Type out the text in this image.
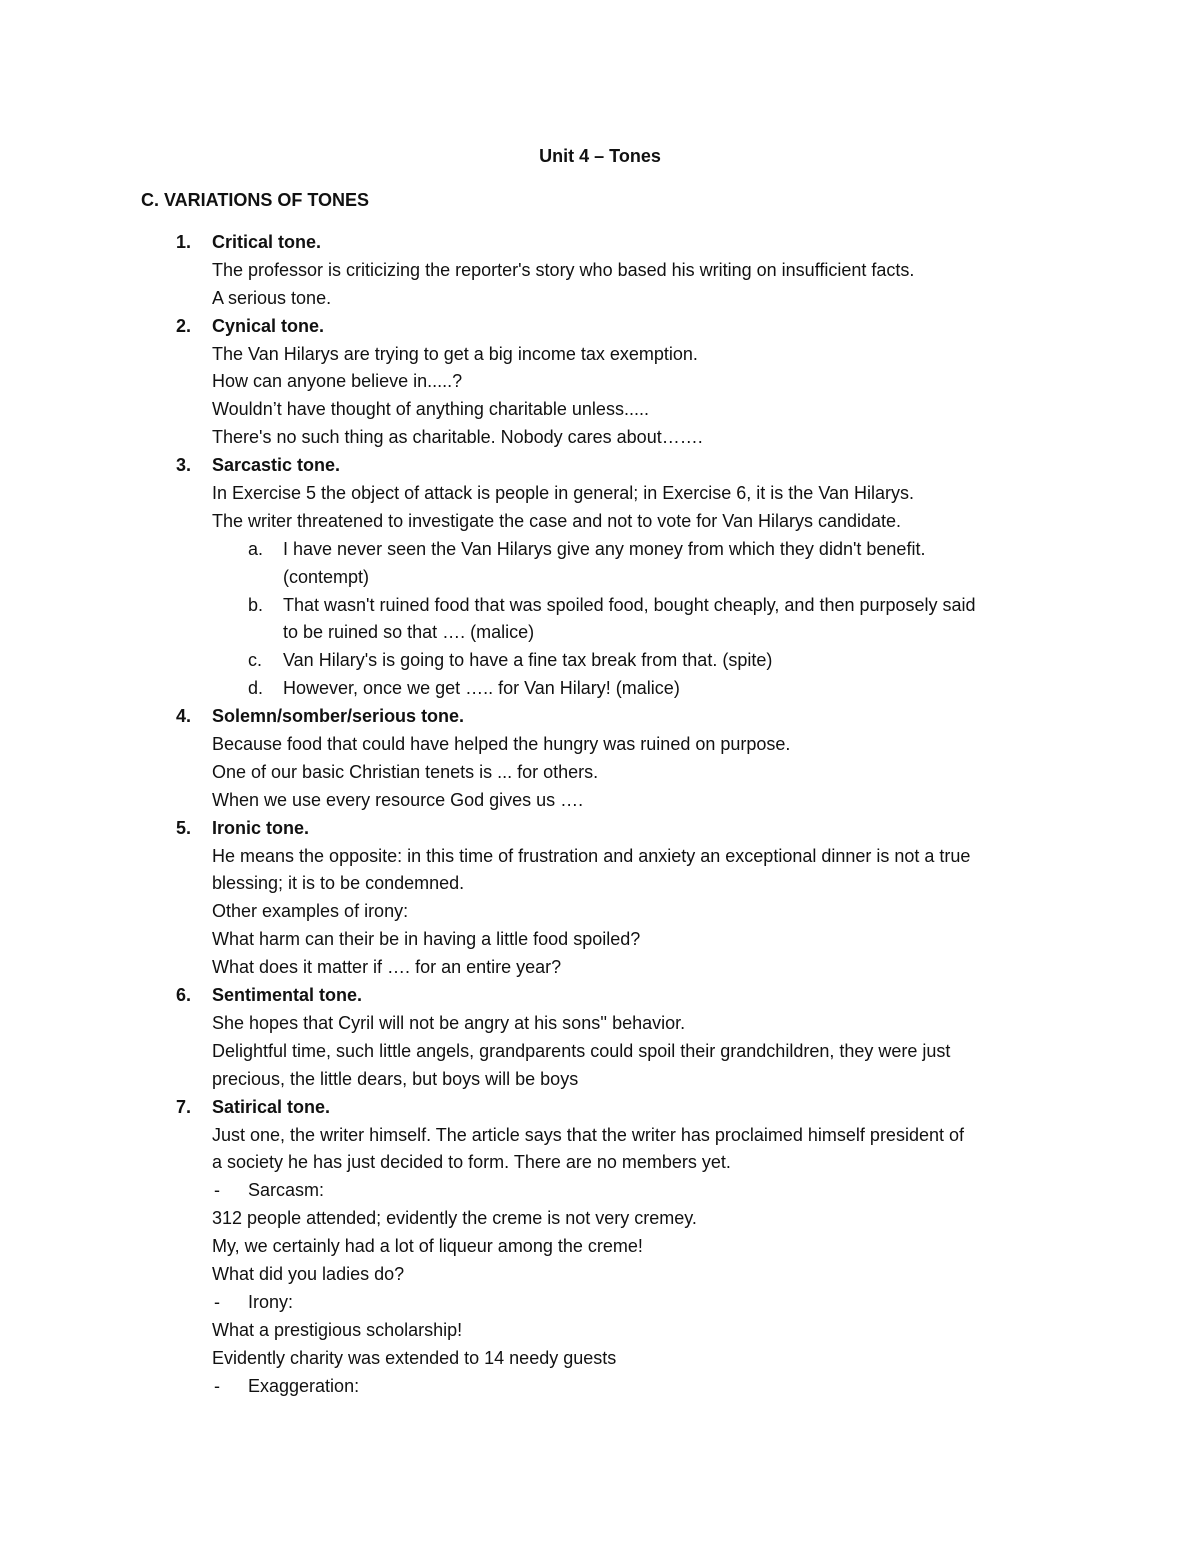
Unit 4 – Tones
C. VARIATIONS OF TONES
1. Critical tone.
The professor is criticizing the reporter's story who based his writing on insufficient facts.
A serious tone.
2. Cynical tone.
The Van Hilarys are trying to get a big income tax exemption.
How can anyone believe in.....?
Wouldn’t have thought of anything charitable unless.....
There's no such thing as charitable. Nobody cares about…….
3. Sarcastic tone.
In Exercise 5 the object of attack is people in general; in Exercise 6, it is the Van Hilarys.
The writer threatened to investigate the case and not to vote for Van Hilarys candidate.
a. I have never seen the Van Hilarys give any money from which they didn't benefit.
(contempt)
b. That wasn't ruined food that was spoiled food, bought cheaply, and then purposely said
to be ruined so that …. (malice)
c. Van Hilary's is going to have a fine tax break from that. (spite)
d. However, once we get ….. for Van Hilary! (malice)
4. Solemn/somber/serious tone.
Because food that could have helped the hungry was ruined on purpose.
One of our basic Christian tenets is ... for others.
When we use every resource God gives us ….
5. Ironic tone.
He means the opposite: in this time of frustration and anxiety an exceptional dinner is not a true
blessing; it is to be condemned.
Other examples of irony:
What harm can their be in having a little food spoiled?
What does it matter if …. for an entire year?
6. Sentimental tone.
She hopes that Cyril will not be angry at his sons'' behavior.
Delightful time, such little angels, grandparents could spoil their grandchildren, they were just
precious, the little dears, but boys will be boys
7. Satirical tone.
Just one, the writer himself. The article says that the writer has proclaimed himself president of
a society he has just decided to form. There are no members yet.
- Sarcasm:
312 people attended; evidently the creme is not very cremey.
My, we certainly had a lot of liqueur among the creme!
What did you ladies do?
- Irony:
What a prestigious scholarship!
Evidently charity was extended to 14 needy guests
- Exaggeration:
